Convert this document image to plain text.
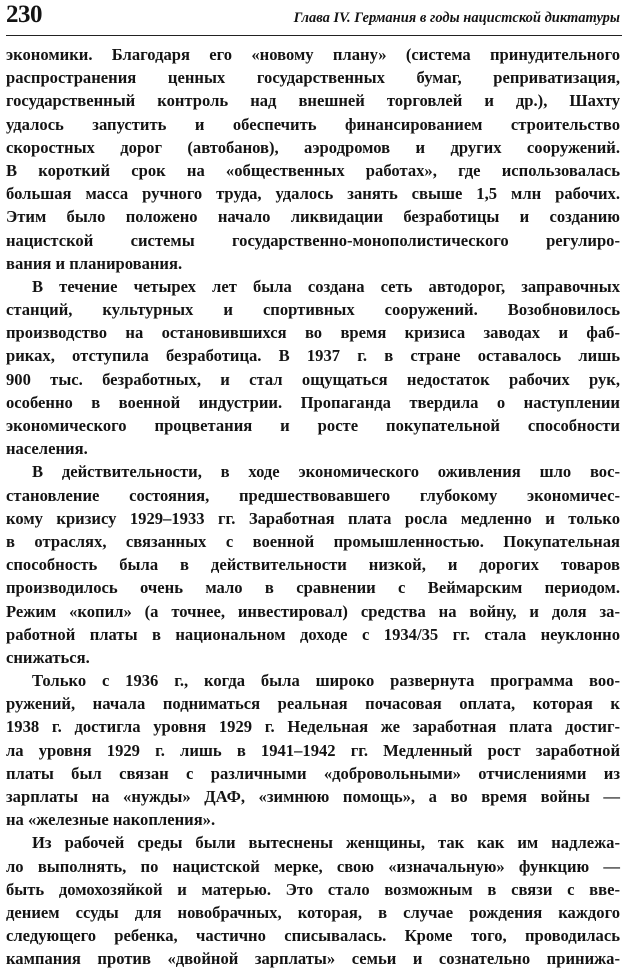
230	Глава IV. Германия в годы нацистской диктатуры
экономики. Благодаря его «новому плану» (система принудительного
распространения ценных государственных бумаг, реприватизация,
государственный контроль над внешней торговлей и др.), Шахту
удалось запустить и обеспечить финансированием строительство
скоростных дорог (автобанов), аэродромов и других сооружений.
В короткий срок на «общественных работах», где использовалась
большая масса ручного труда, удалось занять свыше 1,5 млн рабочих.
Этим было положено начало ликвидации безработицы и созданию
нацистской системы государственно-монополистического регулиро-
вания и планирования.
В течение четырех лет была создана сеть автодорог, заправочных
станций, культурных и спортивных сооружений. Возобновилось
производство на остановившихся во время кризиса заводах и фаб-
риках, отступила безработица. В 1937 г. в стране оставалось лишь
900 тыс. безработных, и стал ощущаться недостаток рабочих рук,
особенно в военной индустрии. Пропаганда твердила о наступлении
экономического процветания и росте покупательной способности
населения.
В действительности, в ходе экономического оживления шло вос-
становление состояния, предшествовавшего глубокому экономичес-
кому кризису 1929–1933 гг. Заработная плата росла медленно и только
в отраслях, связанных с военной промышленностью. Покупательная
способность была в действительности низкой, и дорогих товаров
производилось очень мало в сравнении с Веймарским периодом.
Режим «копил» (а точнее, инвестировал) средства на войну, и доля за-
работной платы в национальном доходе с 1934/35 гг. стала неуклонно
снижаться.
Только с 1936 г., когда была широко развернута программа воо-
ружений, начала подниматься реальная почасовая оплата, которая к
1938 г. достигла уровня 1929 г. Недельная же заработная плата достиг-
ла уровня 1929 г. лишь в 1941–1942 гг. Медленный рост заработной
платы был связан с различными «добровольными» отчислениями из
зарплаты на «нужды» ДАФ, «зимнюю помощь», а во время войны —
на «железные накопления».
Из рабочей среды были вытеснены женщины, так как им надлежа-
ло выполнять, по нацистской мерке, свою «изначальную» функцию —
быть домохозяйкой и матерью. Это стало возможным в связи с вве-
дением ссуды для новобрачных, которая, в случае рождения каждого
следующего ребенка, частично списывалась. Кроме того, проводилась
кампания против «двойной зарплаты» семьи и сознательно принижа-
